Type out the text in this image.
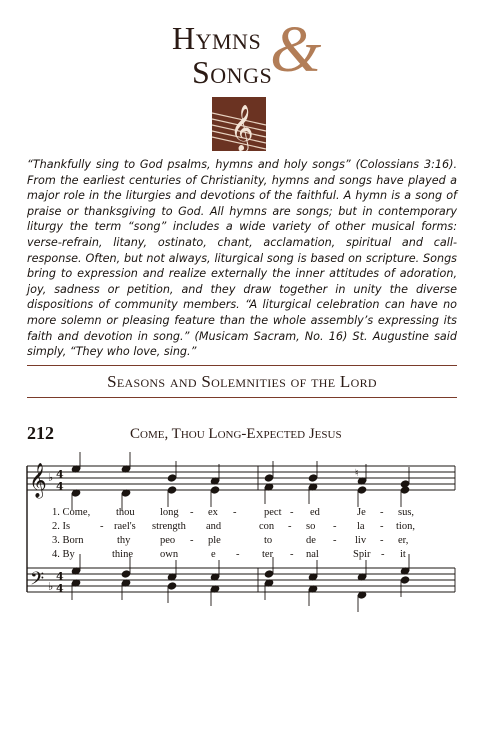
&
Hymns
Songs
𝄞
“Thankfully sing to God psalms, hymns and holy songs” (Colossians 3:16). From the earliest centuries of Christianity, hymns and songs have played a major role in the liturgies and devotions of the faithful. A hymn is a song of praise or thanksgiving to God. All hymns are songs; but in contemporary liturgy the term “song” includes a wide variety of other musical forms: verse-refrain, litany, ostinato, chant, acclamation, spiritual and call-response. Often, but not always, liturgical song is based on scripture. Songs bring to expression and realize externally the inner attitudes of adoration, joy, sadness or petition, and they draw together in unity the diverse dispositions of community members. “A liturgical celebration can have no more solemn or pleasing feature than the whole assembly’s expressing its faith and devotion in song.” (Musicam Sacram, No. 16) St. Augustine said simply, “They who love, sing.”
Seasons and Solemnities of the Lord
212	Come, Thou Long-Expected Jesus
𝄞
𝄢
♭
♭
4
4
4
4
♮
1. Come, thou long - ex -	pect - ed	Je - sus,
2. Is	- rael's strength and	con - so - la - tion,
3. Born	thy	peo - ple	to	de - liv - er,
4. By	thine	own	e - ter - nal	Spir - it
